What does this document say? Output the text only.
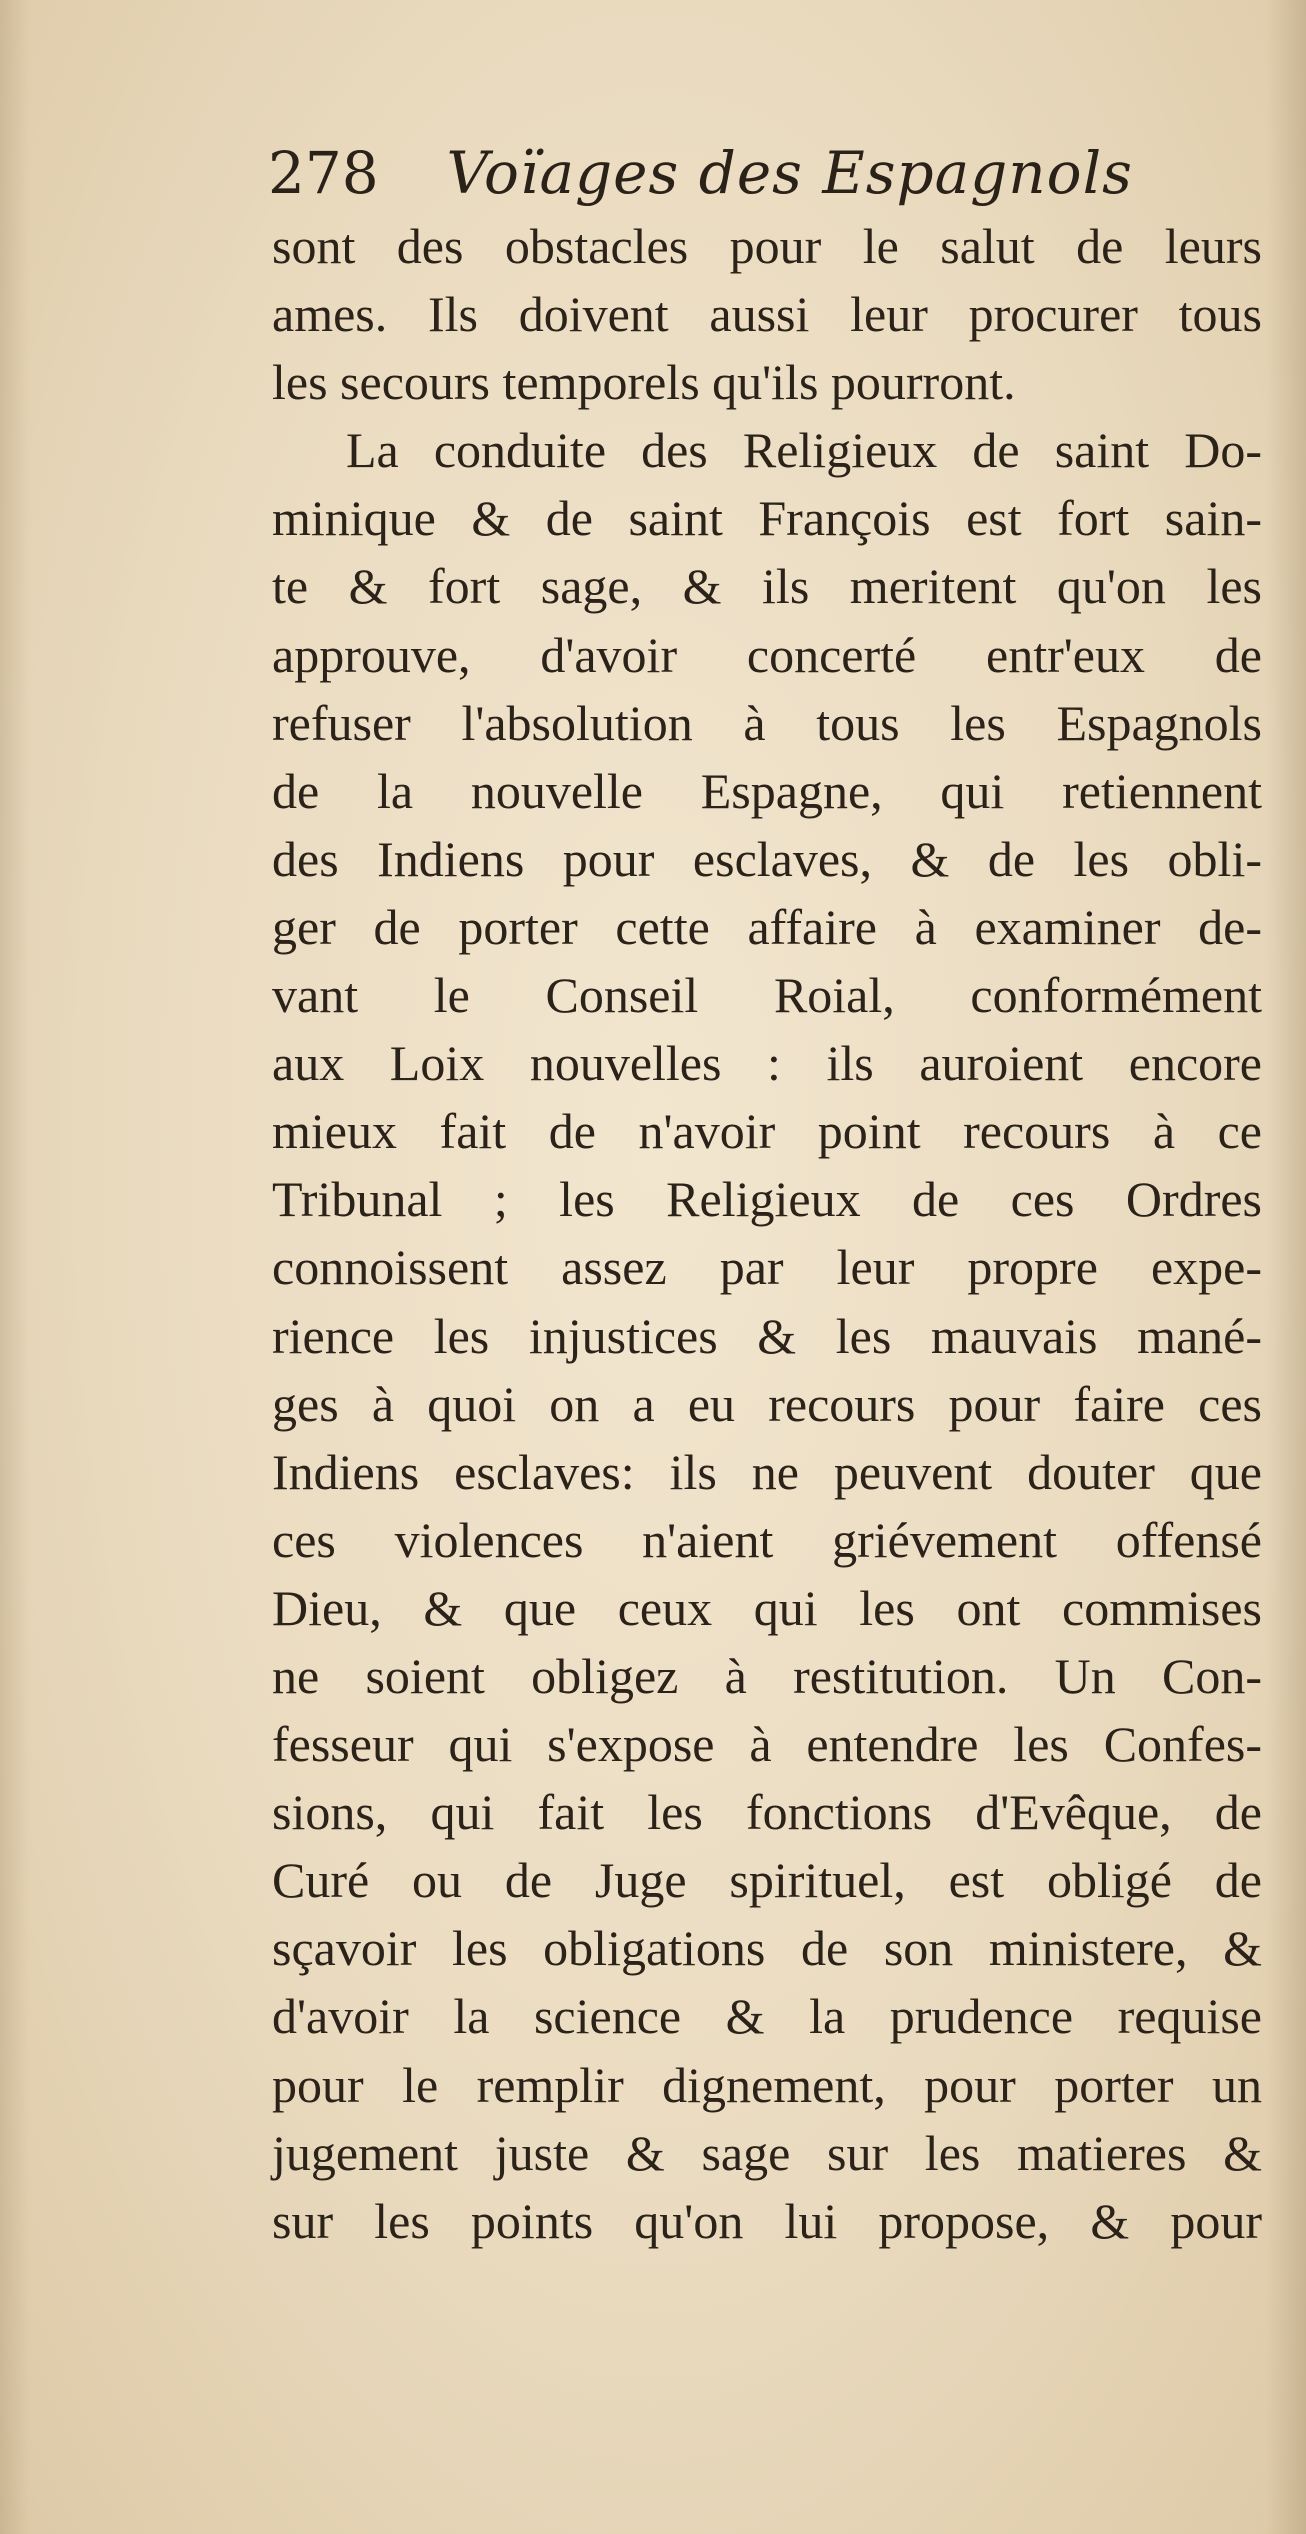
278 Voïages des Espagnols
sont des obstacles pour le salut de leurs
ames. Ils doivent aussi leur procurer tous
les secours temporels qu'ils pourront.
La conduite des Religieux de saint Do-
minique & de saint François est fort sain-
te & fort sage, & ils meritent qu'on les
approuve, d'avoir concerté entr'eux de
refuser l'absolution à tous les Espagnols
de la nouvelle Espagne, qui retiennent
des Indiens pour esclaves, & de les obli-
ger de porter cette affaire à examiner de-
vant le Conseil Roial, conformément
aux Loix nouvelles : ils auroient encore
mieux fait de n'avoir point recours à ce
Tribunal ; les Religieux de ces Ordres
connoissent assez par leur propre expe-
rience les injustices & les mauvais mané-
ges à quoi on a eu recours pour faire ces
Indiens esclaves: ils ne peuvent douter que
ces violences n'aient griévement offensé
Dieu, & que ceux qui les ont commises
ne soient obligez à restitution. Un Con-
fesseur qui s'expose à entendre les Confes-
sions, qui fait les fonctions d'Evêque, de
Curé ou de Juge spirituel, est obligé de
sçavoir les obligations de son ministere, &
d'avoir la science & la prudence requise
pour le remplir dignement, pour porter un
jugement juste & sage sur les matieres &
sur les points qu'on lui propose, & pour
